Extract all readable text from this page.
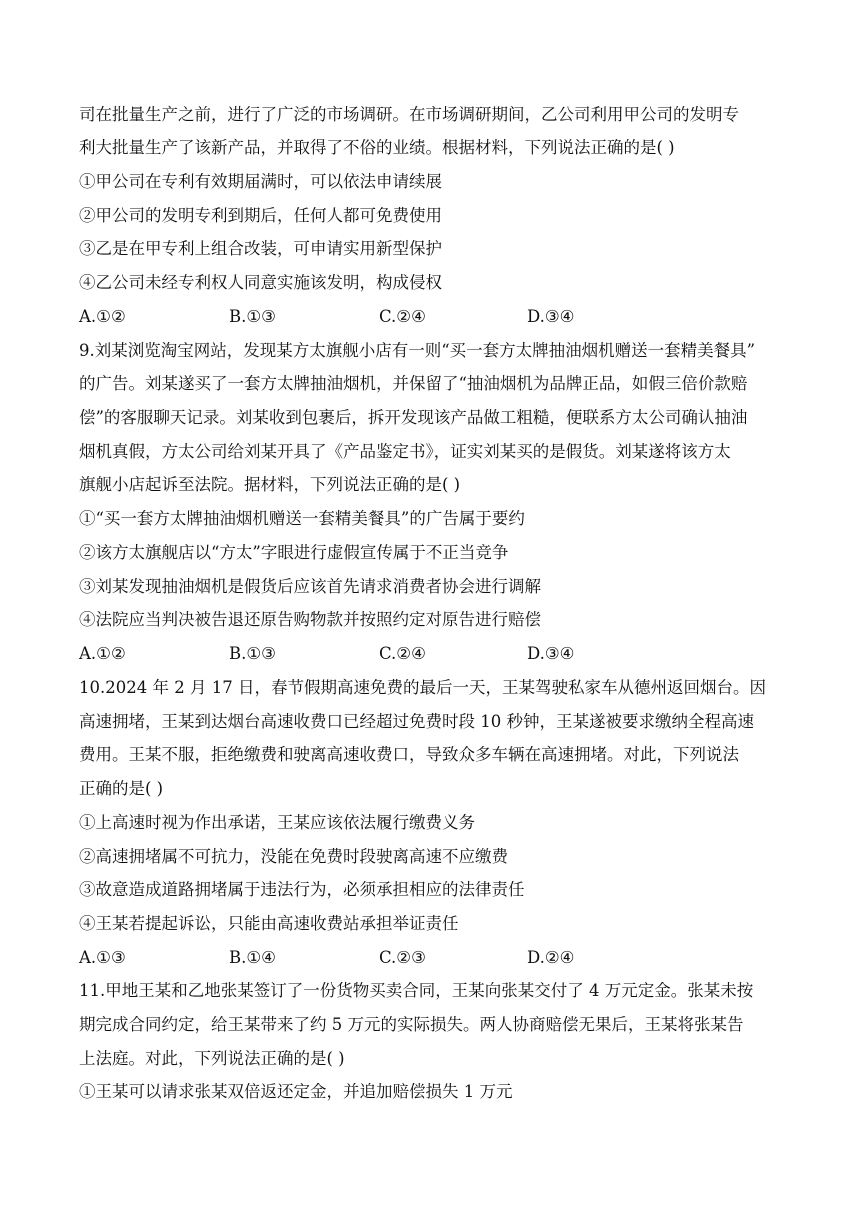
司在批量生产之前，进行了广泛的市场调研。在市场调研期间，乙公司利用甲公司的发明专
利大批量生产了该新产品，并取得了不俗的业绩。根据材料，下列说法正确的是( )
①甲公司在专利有效期届满时，可以依法申请续展
②甲公司的发明专利到期后，任何人都可免费使用
③乙是在甲专利上组合改装，可申请实用新型保护
④乙公司未经专利权人同意实施该发明，构成侵权
A.①②	B.①③	C.②④	D.③④
9.刘某浏览淘宝网站，发现某方太旗舰小店有一则“买一套方太牌抽油烟机赠送一套精美餐具”
的广告。刘某遂买了一套方太牌抽油烟机，并保留了“抽油烟机为品牌正品，如假三倍价款赔
偿”的客服聊天记录。刘某收到包裹后，拆开发现该产品做工粗糙，便联系方太公司确认抽油
烟机真假，方太公司给刘某开具了《产品鉴定书》，证实刘某买的是假货。刘某遂将该方太
旗舰小店起诉至法院。据材料，下列说法正确的是( )
①“买一套方太牌抽油烟机赠送一套精美餐具”的广告属于要约
②该方太旗舰店以“方太”字眼进行虚假宣传属于不正当竞争
③刘某发现抽油烟机是假货后应该首先请求消费者协会进行调解
④法院应当判决被告退还原告购物款并按照约定对原告进行赔偿
A.①②	B.①③	C.②④	D.③④
10.2024 年 2 月 17 日，春节假期高速免费的最后一天，王某驾驶私家车从德州返回烟台。因
高速拥堵，王某到达烟台高速收费口已经超过免费时段 10 秒钟，王某遂被要求缴纳全程高速
费用。王某不服，拒绝缴费和驶离高速收费口，导致众多车辆在高速拥堵。对此，下列说法
正确的是( )
①上高速时视为作出承诺，王某应该依法履行缴费义务
②高速拥堵属不可抗力，没能在免费时段驶离高速不应缴费
③故意造成道路拥堵属于违法行为，必须承担相应的法律责任
④王某若提起诉讼，只能由高速收费站承担举证责任
A.①③	B.①④	C.②③	D.②④
11.甲地王某和乙地张某签订了一份货物买卖合同，王某向张某交付了 4 万元定金。张某未按
期完成合同约定，给王某带来了约 5 万元的实际损失。两人协商赔偿无果后，王某将张某告
上法庭。对此，下列说法正确的是( )
①王某可以请求张某双倍返还定金，并追加赔偿损失 1 万元
